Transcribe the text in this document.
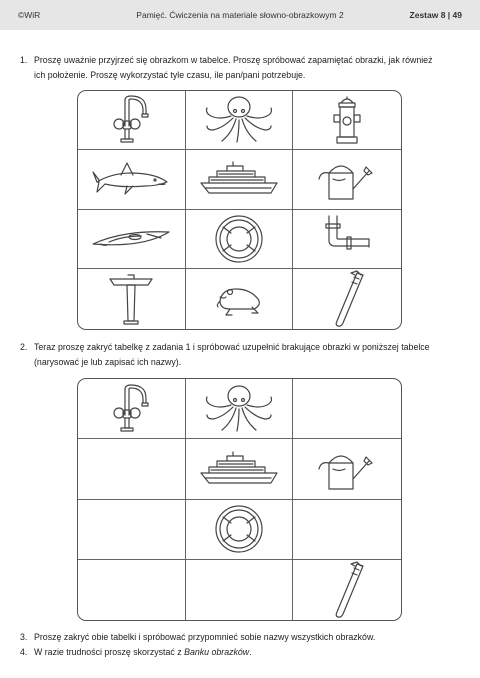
©WiR	Pamięć. Ćwiczenia na materiale słowno-obrazkowym 2	Zestaw 8 | 49
1. Proszę uważnie przyjrzeć się obrazkom w tabelce. Proszę spróbować zapamiętać obrazki, jak również
ich położenie. Proszę wykorzystać tyle czasu, ile pan/pani potrzebuje.
2. Teraz proszę zakryć tabelkę z zadania 1 i spróbować uzupełnić brakujące obrazki w poniższej tabelce
(narysować je lub zapisać ich nazwy).
3. Proszę zakryć obie tabelki i spróbować przypomnieć sobie nazwy wszystkich obrazków.
4. W razie trudności proszę skorzystać z Banku obrazków.
